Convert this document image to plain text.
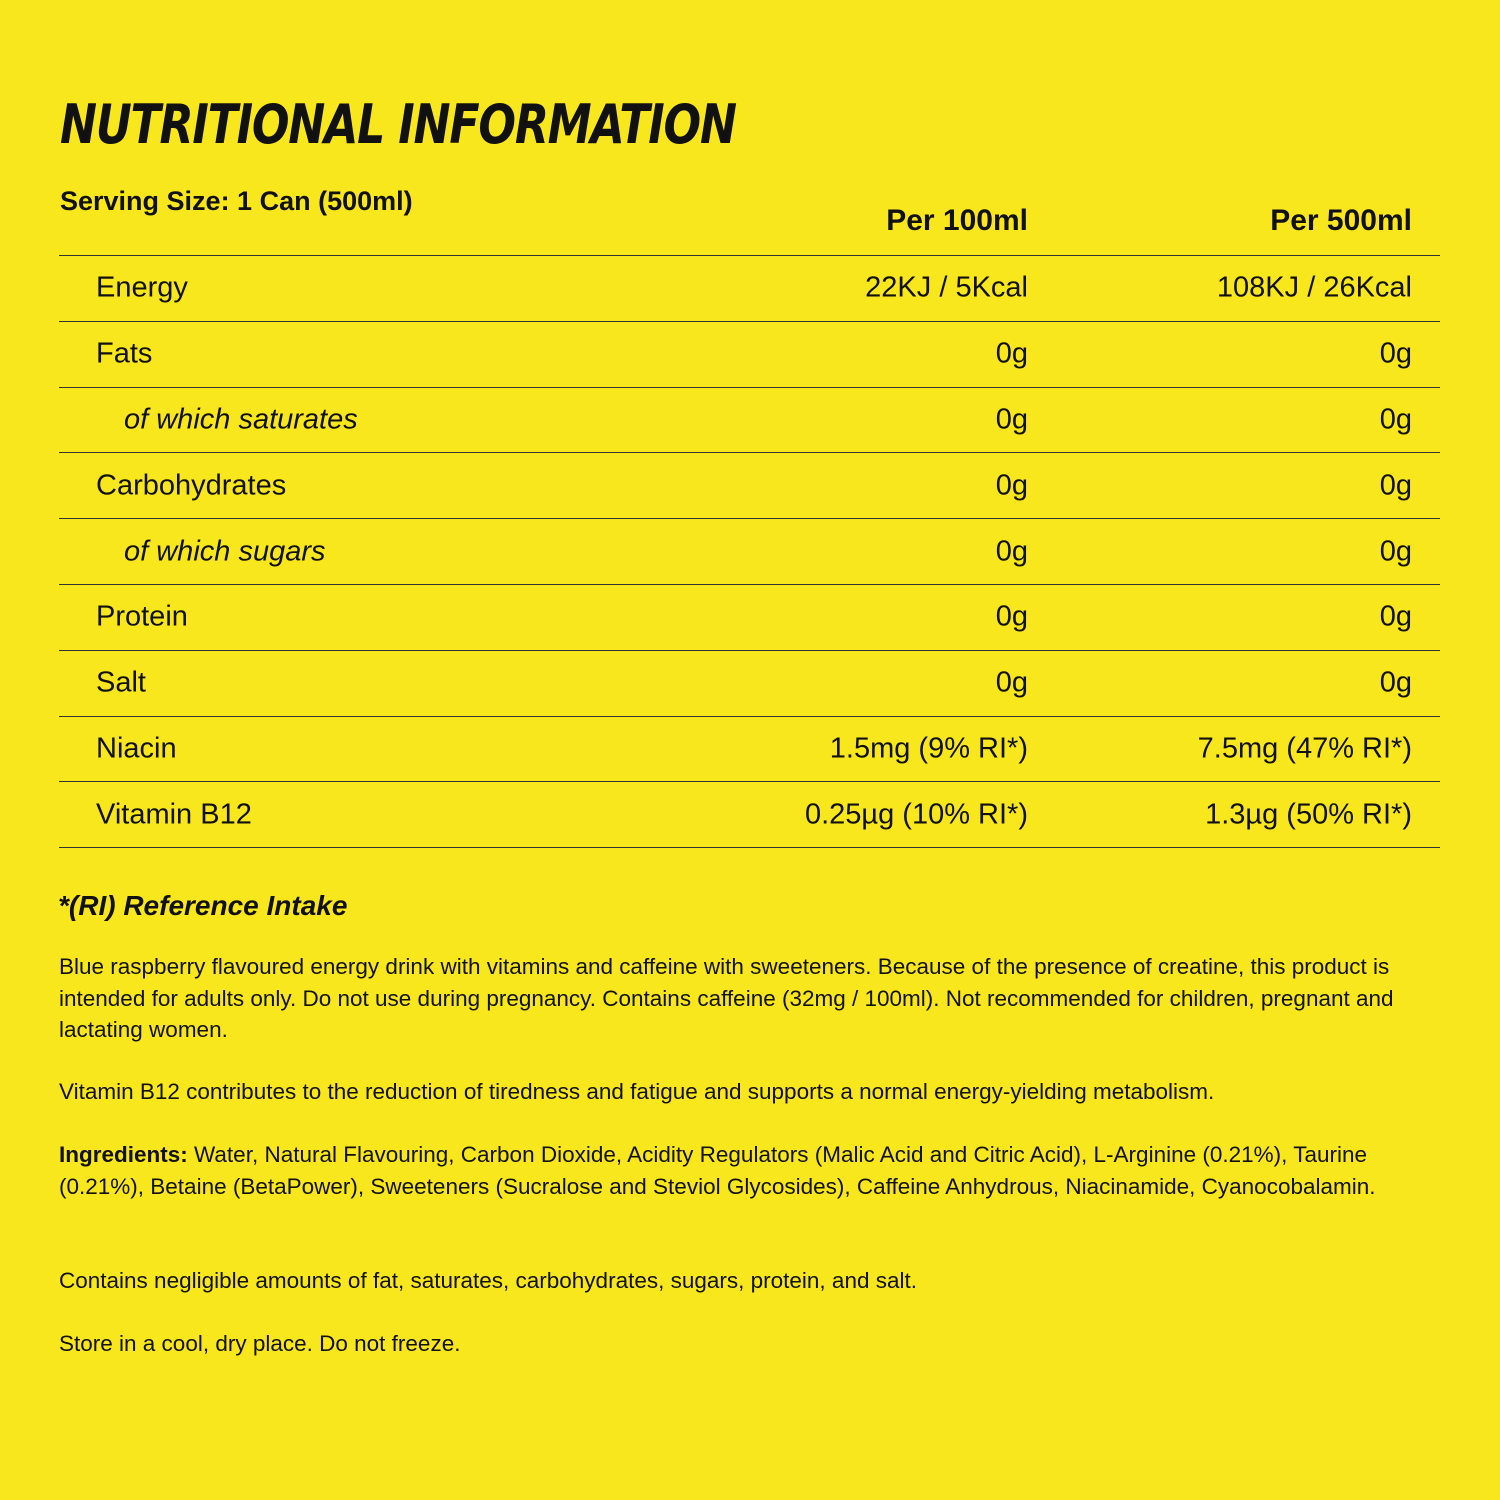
NUTRITIONAL INFORMATION
Serving Size: 1 Can (500ml)
Per 100ml	Per 500ml
Energy	22KJ / 5Kcal	108KJ / 26Kcal
Fats	0g	0g
of which saturates	0g	0g
Carbohydrates	0g	0g
of which sugars	0g	0g
Protein	0g	0g
Salt	0g	0g
Niacin	1.5mg (9% RI*)	7.5mg (47% RI*)
Vitamin B12	0.25µg (10% RI*)	1.3µg (50% RI*)
*(RI) Reference Intake

Blue raspberry flavoured energy drink with vitamins and caffeine with sweeteners. Because of the presence of creatine, this product is intended for adults only. Do not use during pregnancy. Contains caffeine (32mg / 100ml). Not recommended for children, pregnant and lactating women.

Vitamin B12 contributes to the reduction of tiredness and fatigue and supports a normal energy-yielding metabolism.

Ingredients: Water, Natural Flavouring, Carbon Dioxide, Acidity Regulators (Malic Acid and Citric Acid), L-Arginine (0.21%), Taurine (0.21%), Betaine (BetaPower), Sweeteners (Sucralose and Steviol Glycosides), Caffeine Anhydrous, Niacinamide, Cyanocobalamin.

Contains negligible amounts of fat, saturates, carbohydrates, sugars, protein, and salt.

Store in a cool, dry place. Do not freeze.
